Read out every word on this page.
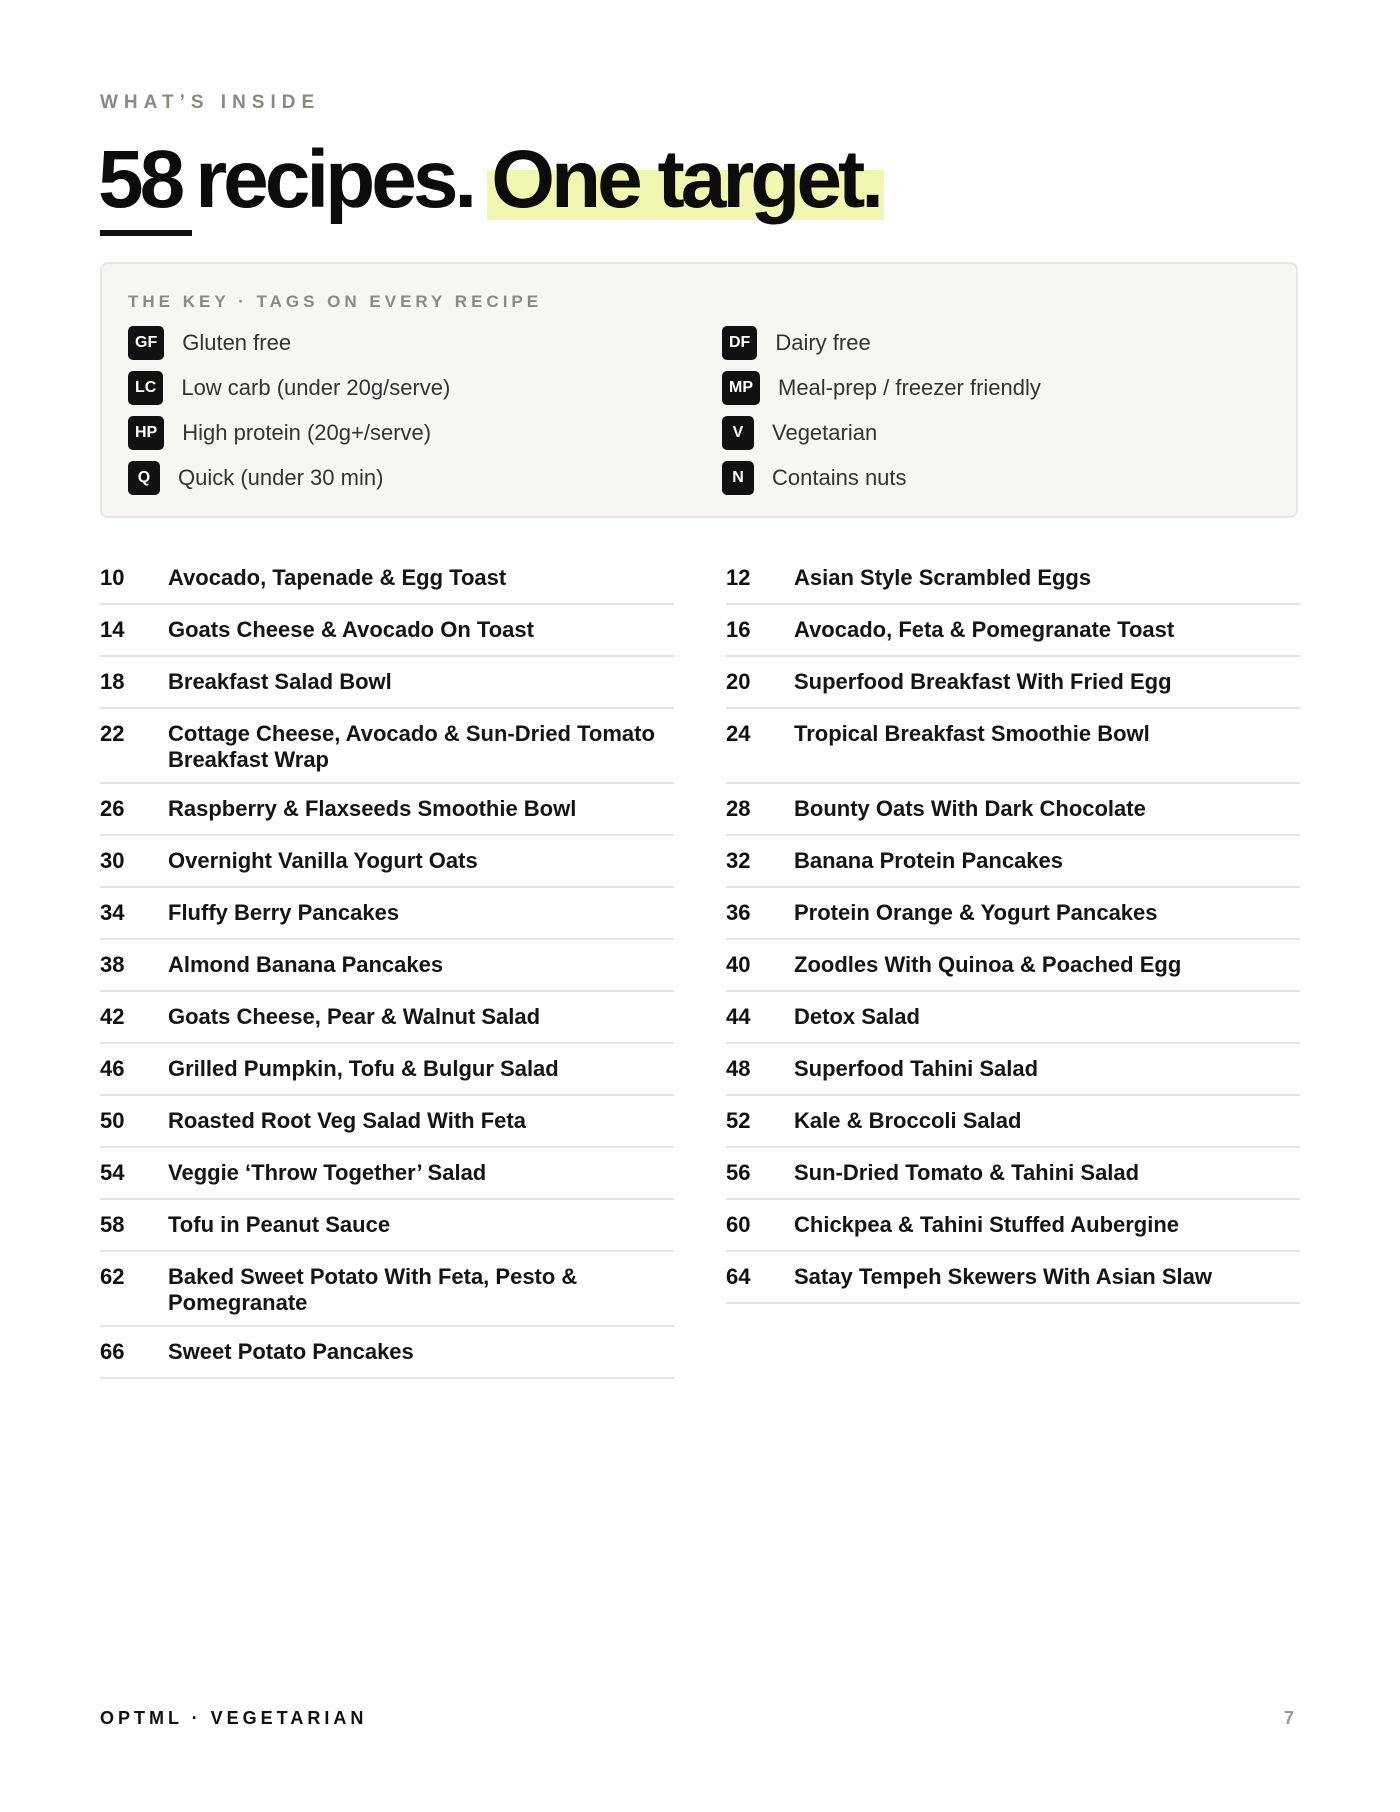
WHAT’S INSIDE
58 recipes. One target.
THE KEY · TAGS ON EVERY RECIPE
GF	Gluten free
LC	Low carb (under 20g/serve)
HP	High protein (20g+/serve)
Q	Quick (under 30 min)
DF	Dairy free
MP	Meal-prep / freezer friendly
V	Vegetarian
N	Contains nuts
10 Avocado, Tapenade & Egg Toast
14 Goats Cheese & Avocado On Toast
18 Breakfast Salad Bowl
22 Cottage Cheese, Avocado & Sun-Dried Tomato Breakfast Wrap
26 Raspberry & Flaxseeds Smoothie Bowl
30 Overnight Vanilla Yogurt Oats
34 Fluffy Berry Pancakes
38 Almond Banana Pancakes
42 Goats Cheese, Pear & Walnut Salad
46 Grilled Pumpkin, Tofu & Bulgur Salad
50 Roasted Root Veg Salad With Feta
54 Veggie ‘Throw Together’ Salad
58 Tofu in Peanut Sauce
62 Baked Sweet Potato With Feta, Pesto & Pomegranate
66 Sweet Potato Pancakes
12 Asian Style Scrambled Eggs
16 Avocado, Feta & Pomegranate Toast
20 Superfood Breakfast With Fried Egg
24 Tropical Breakfast Smoothie Bowl
28 Bounty Oats With Dark Chocolate
32 Banana Protein Pancakes
36 Protein Orange & Yogurt Pancakes
40 Zoodles With Quinoa & Poached Egg
44 Detox Salad
48 Superfood Tahini Salad
52 Kale & Broccoli Salad
56 Sun-Dried Tomato & Tahini Salad
60 Chickpea & Tahini Stuffed Aubergine
64 Satay Tempeh Skewers With Asian Slaw
OPTML · VEGETARIAN	7
